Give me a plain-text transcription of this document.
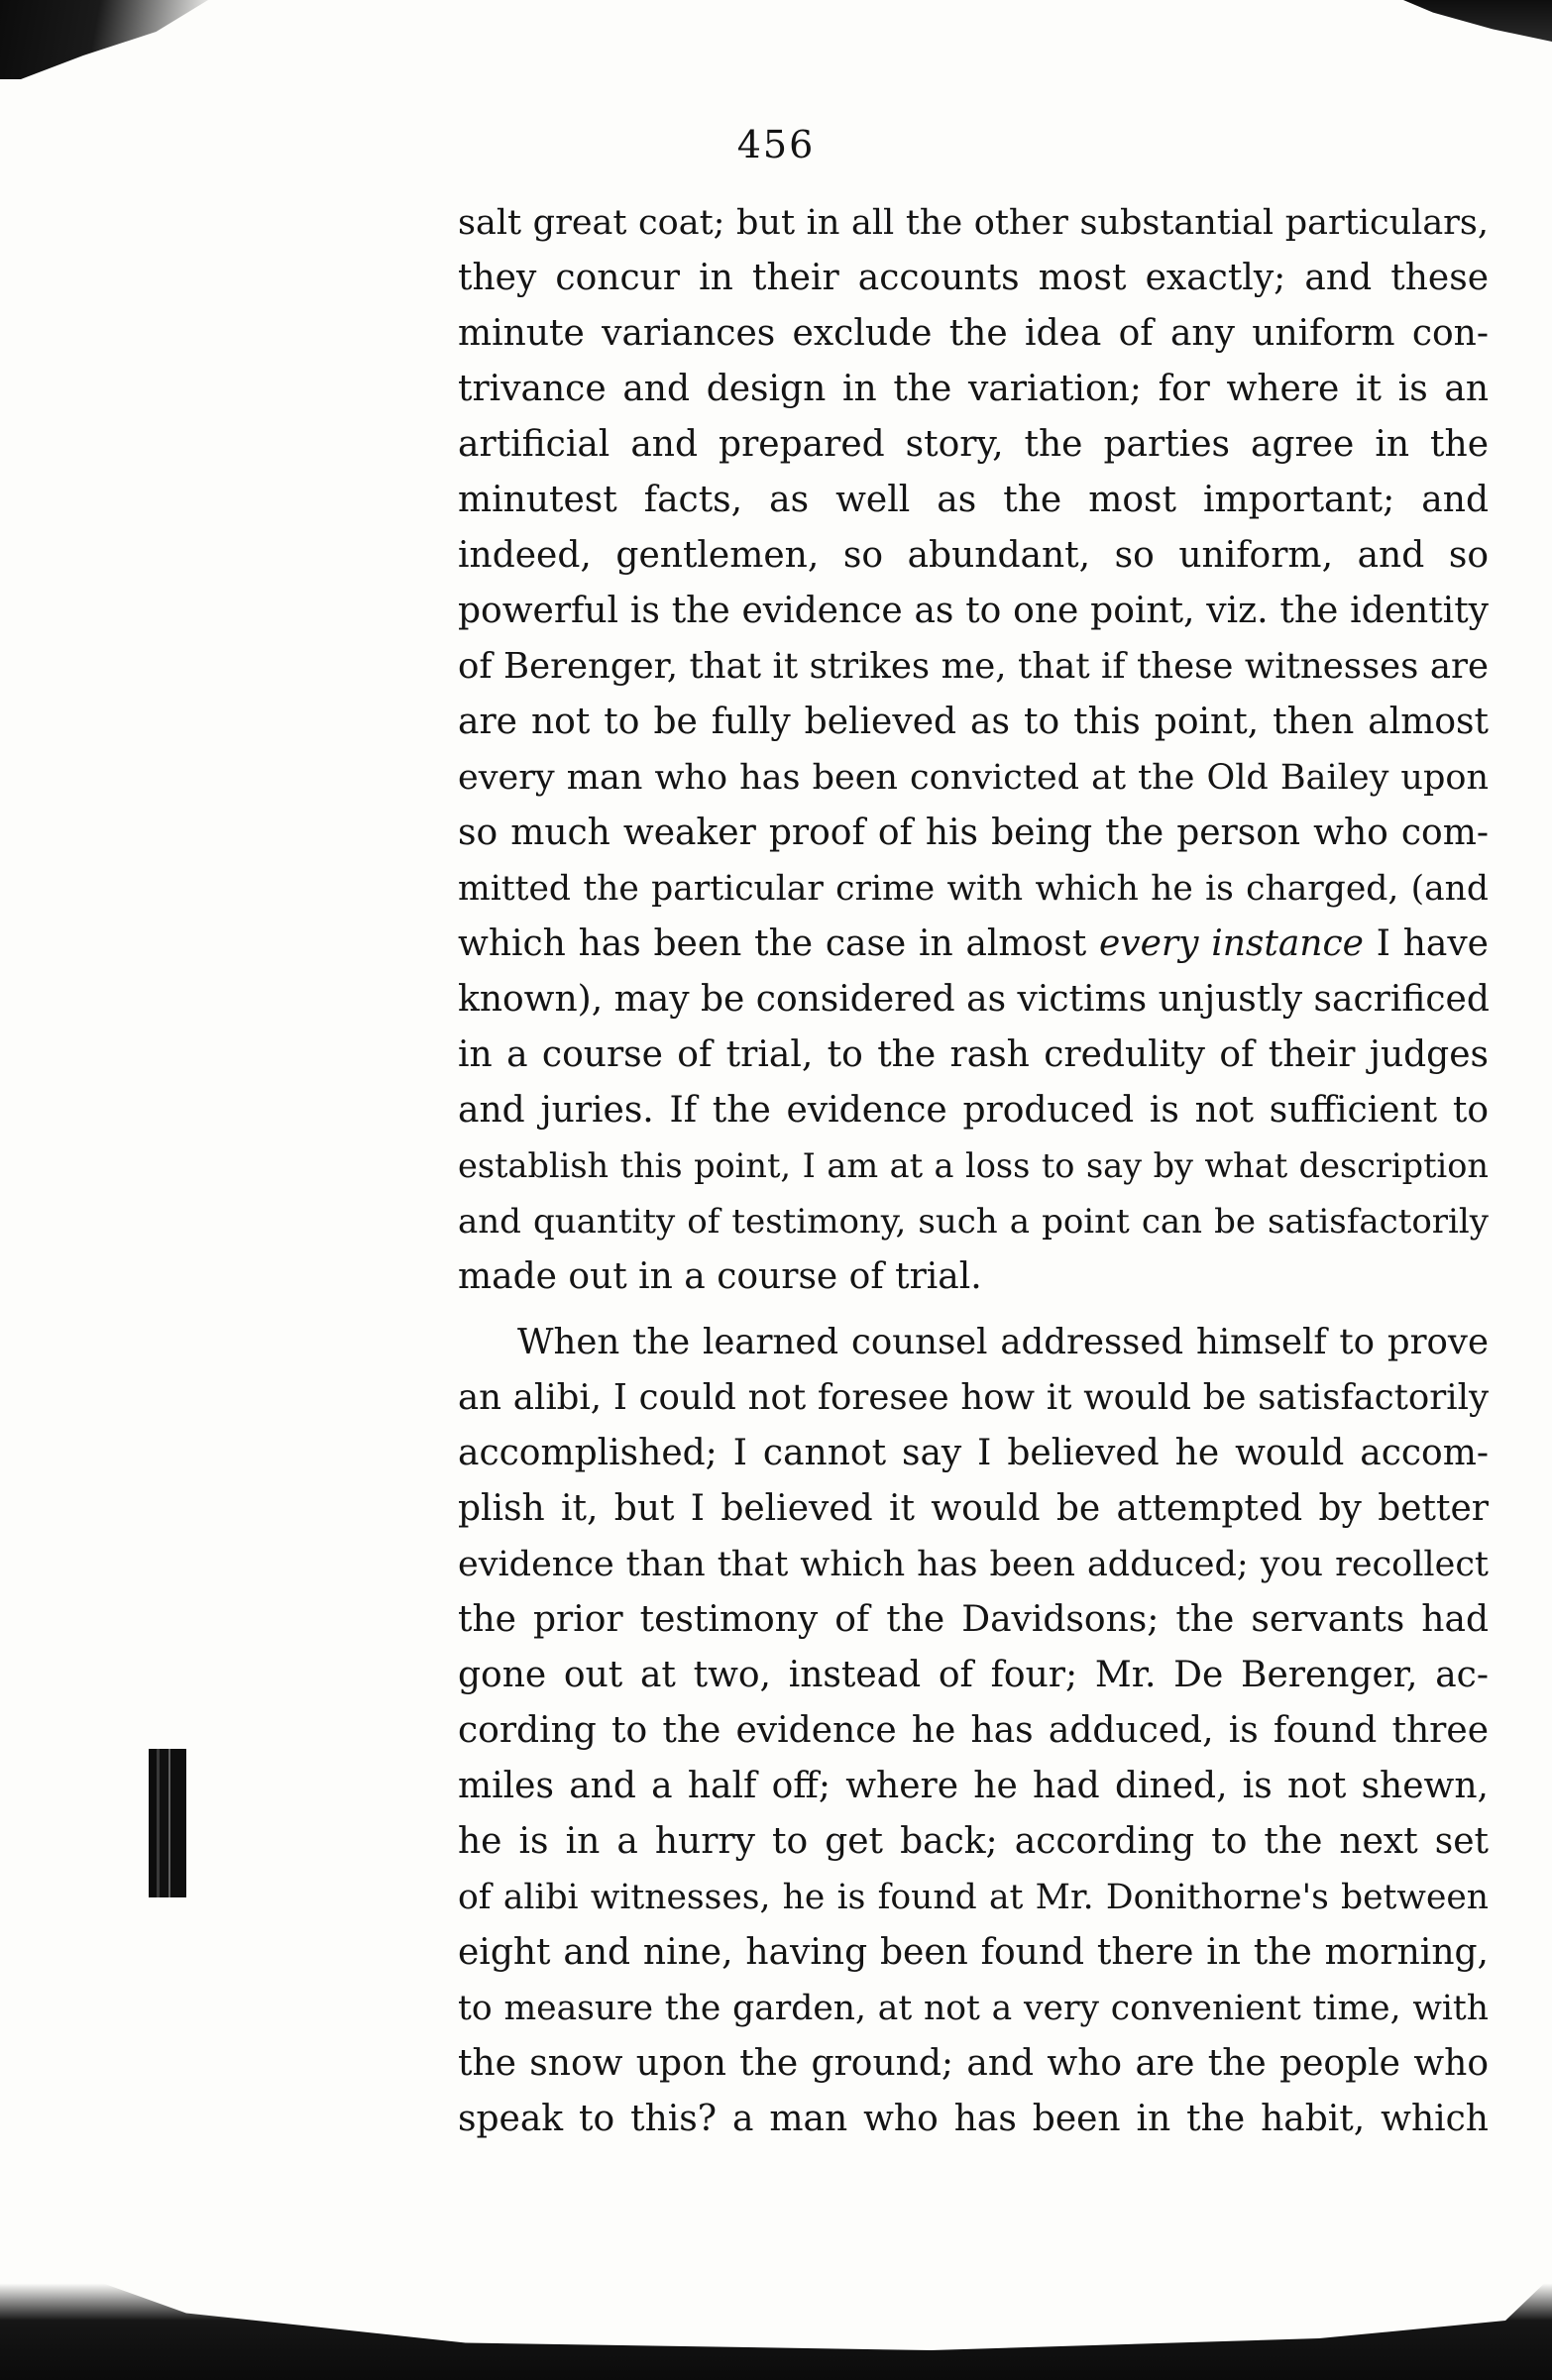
456
salt great coat; but in all the other substantial particulars,
they concur in their accounts most exactly; and these
minute variances exclude the idea of any uniform con-
trivance and design in the variation; for where it is an
artificial and prepared story, the parties agree in the
minutest facts, as well as the most important; and
indeed, gentlemen, so abundant, so uniform, and so
powerful is the evidence as to one point, viz. the identity
of Berenger, that it strikes me, that if these witnesses are
are not to be fully believed as to this point, then almost
every man who has been convicted at the Old Bailey upon
so much weaker proof of his being the person who com-
mitted the particular crime with which he is charged, (and
which has been the case in almost every instance I have
known), may be considered as victims unjustly sacrificed
in a course of trial, to the rash credulity of their judges
and juries. If the evidence produced is not sufficient to
establish this point, I am at a loss to say by what description
and quantity of testimony, such a point can be satisfactorily
made out in a course of trial.
When the learned counsel addressed himself to prove
an alibi, I could not foresee how it would be satisfactorily
accomplished; I cannot say I believed he would accom-
plish it, but I believed it would be attempted by better
evidence than that which has been adduced; you recollect
the prior testimony of the Davidsons; the servants had
gone out at two, instead of four; Mr. De Berenger, ac-
cording to the evidence he has adduced, is found three
miles and a half off; where he had dined, is not shewn,
he is in a hurry to get back; according to the next set
of alibi witnesses, he is found at Mr. Donithorne's between
eight and nine, having been found there in the morning,
to measure the garden, at not a very convenient time, with
the snow upon the ground; and who are the people who
speak to this? a man who has been in the habit, which
